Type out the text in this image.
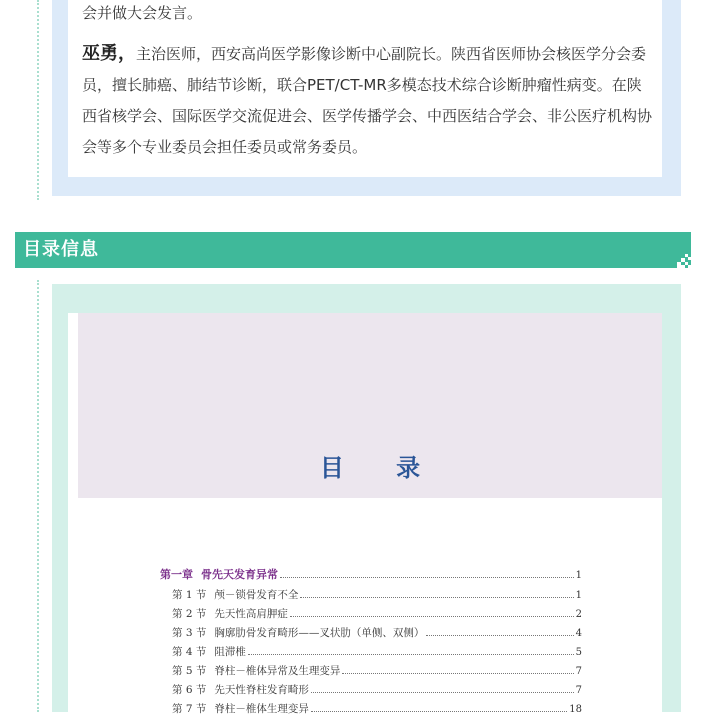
会并做大会发言。

巫勇，主治医师，西安高尚医学影像诊断中心副院长。陕西省医师协会核医学分会委员，擅长肺癌、肺结节诊断，联合PET/CT-MR多模态技术综合诊断肿瘤性病变。在陕西省核学会、国际医学交流促进会、医学传播学会、中西医结合学会、非公医疗机构协会等多个专业委员会担任委员或常务委员。

目录信息
目 录
第一章 骨先天发育异常	1
第 1 节 颅－锁骨发育不全	1
第 2 节 先天性高肩胛症	2
第 3 节 胸廓肋骨发育畸形——叉状肋（单侧、双侧）	4
第 4 节 阻滞椎	5
第 5 节 脊柱－椎体异常及生理变异	7
第 6 节 先天性脊柱发育畸形	7
第 7 节 脊柱－椎体生理变异	18
